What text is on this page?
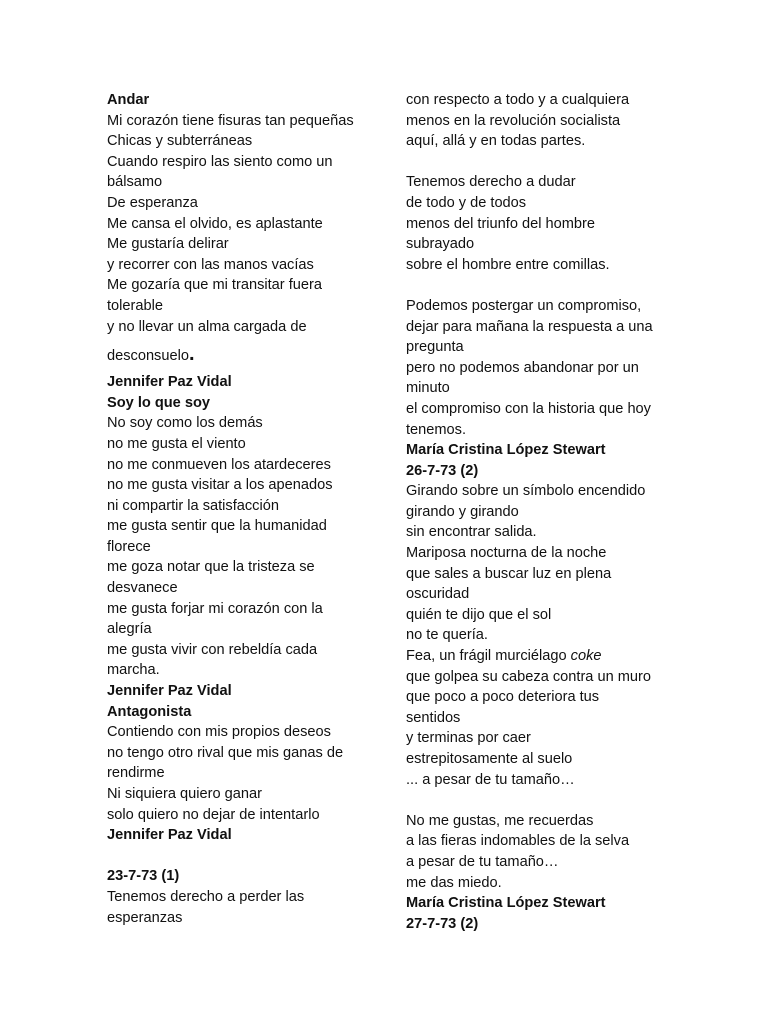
Andar
Mi corazón tiene fisuras tan pequeñas
Chicas y subterráneas
Cuando respiro las siento como un
bálsamo
De esperanza
Me cansa el olvido, es aplastante
Me gustaría delirar
y recorrer con las manos vacías
Me gozaría que mi transitar fuera
tolerable
y no llevar un alma cargada de
desconsuelo.
Jennifer Paz Vidal
Soy lo que soy
No soy como los demás
no me gusta el viento
no me conmueven los atardeceres
no me gusta visitar a los apenados
ni compartir la satisfacción
me gusta sentir que la humanidad
florece
me goza notar que la tristeza se
desvanece
me gusta forjar mi corazón con la
alegría
me gusta vivir con rebeldía cada
marcha.
Jennifer Paz Vidal
Antagonista
Contiendo con mis propios deseos
no tengo otro rival que mis ganas de
rendirme
Ni siquiera quiero ganar
solo quiero no dejar de intentarlo
Jennifer Paz Vidal
23-7-73 (1)
Tenemos derecho a perder las
esperanzas
con respecto a todo y a cualquiera
menos en la revolución socialista
aquí, allá y en todas partes.
Tenemos derecho a dudar
de todo y de todos
menos del triunfo del hombre
subrayado
sobre el hombre entre comillas.
Podemos postergar un compromiso,
dejar para mañana la respuesta a una
pregunta
pero no podemos abandonar por un
minuto
el compromiso con la historia que hoy
tenemos.
María Cristina López Stewart
26-7-73 (2)
Girando sobre un símbolo encendido
girando y girando
sin encontrar salida.
Mariposa nocturna de la noche
que sales a buscar luz en plena
oscuridad
quién te dijo que el sol
no te quería.
Fea, un frágil murciélago coke
que golpea su cabeza contra un muro
que poco a poco deteriora tus
sentidos
y terminas por caer
estrepitosamente al suelo
... a pesar de tu tamaño…
No me gustas, me recuerdas
a las fieras indomables de la selva
a pesar de tu tamaño…
me das miedo.
María Cristina López Stewart
27-7-73 (2)
